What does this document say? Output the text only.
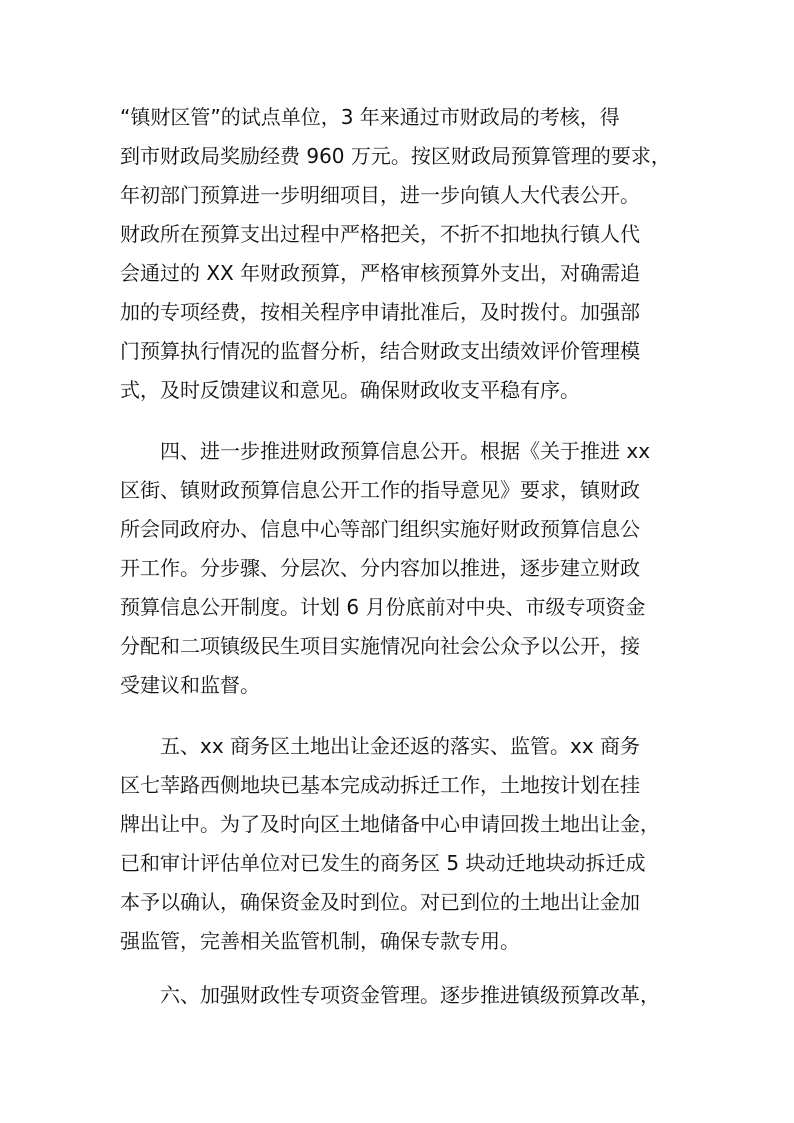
“镇财区管”的试点单位，3 年来通过市财政局的考核，得
到市财政局奖励经费 960 万元。按区财政局预算管理的要求，
年初部门预算进一步明细项目，进一步向镇人大代表公开。
财政所在预算支出过程中严格把关，不折不扣地执行镇人代
会通过的 XX 年财政预算，严格审核预算外支出，对确需追
加的专项经费，按相关程序申请批准后，及时拨付。加强部
门预算执行情况的监督分析，结合财政支出绩效评价管理模
式，及时反馈建议和意见。确保财政收支平稳有序。
四、进一步推进财政预算信息公开。根据《关于推进 xx
区街、镇财政预算信息公开工作的指导意见》要求，镇财政
所会同政府办、信息中心等部门组织实施好财政预算信息公
开工作。分步骤、分层次、分内容加以推进，逐步建立财政
预算信息公开制度。计划 6 月份底前对中央、市级专项资金
分配和二项镇级民生项目实施情况向社会公众予以公开，接
受建议和监督。
五、xx 商务区土地出让金还返的落实、监管。xx 商务
区七莘路西侧地块已基本完成动拆迁工作，土地按计划在挂
牌出让中。为了及时向区土地储备中心申请回拨土地出让金，
已和审计评估单位对已发生的商务区 5 块动迁地块动拆迁成
本予以确认，确保资金及时到位。对已到位的土地出让金加
强监管，完善相关监管机制，确保专款专用。
六、加强财政性专项资金管理。逐步推进镇级预算改革，
